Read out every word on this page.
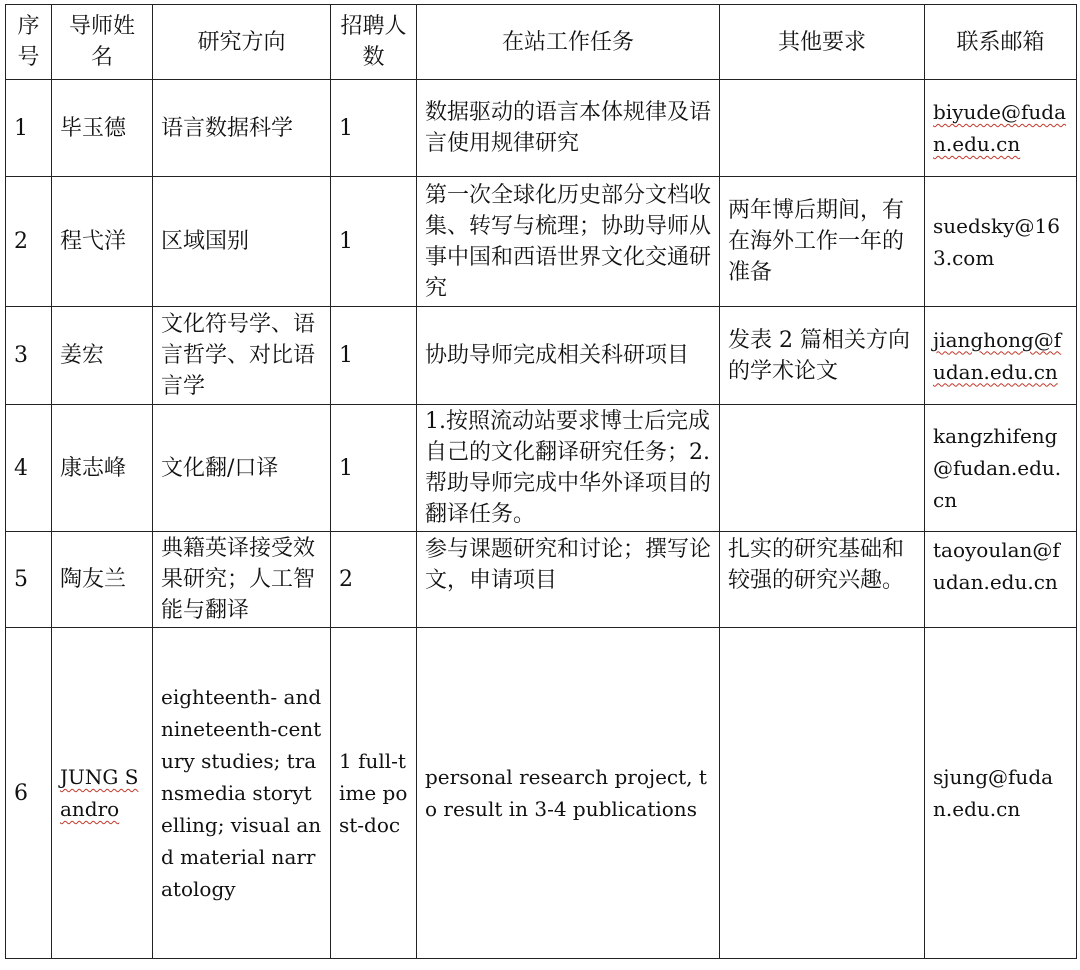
序号	导师姓名	研究方向	招聘人数	在站工作任务	其他要求	联系邮箱
1	毕玉德	语言数据科学	1	数据驱动的语言本体规律及语言使用规律研究		biyude@fudan.edu.cn
2	程弋洋	区域国别	1	第一次全球化历史部分文档收集、转写与梳理；协助导师从事中国和西语世界文化交通研究	两年博后期间，有在海外工作一年的准备	suedsky@163.com
3	姜宏	文化符号学、语言哲学、对比语言学	1	协助导师完成相关科研项目	发表 2 篇相关方向的学术论文	jianghong@fudan.edu.cn
4	康志峰	文化翻/口译	1	1.按照流动站要求博士后完成自己的文化翻译研究任务；2.帮助导师完成中华外译项目的翻译任务。		kangzhifeng@fudan.edu.cn
5	陶友兰	典籍英译接受效果研究；人工智能与翻译	2	参与课题研究和讨论；撰写论文，申请项目	扎实的研究基础和较强的研究兴趣。	taoyoulan@fudan.edu.cn
6	JUNG Sandro	eighteenth- and nineteenth-century studies; transmedia storytelling; visual and material narratology	1 full-time post-doc	personal research project, to result in 3-4 publications		sjung@fudan.edu.cn
